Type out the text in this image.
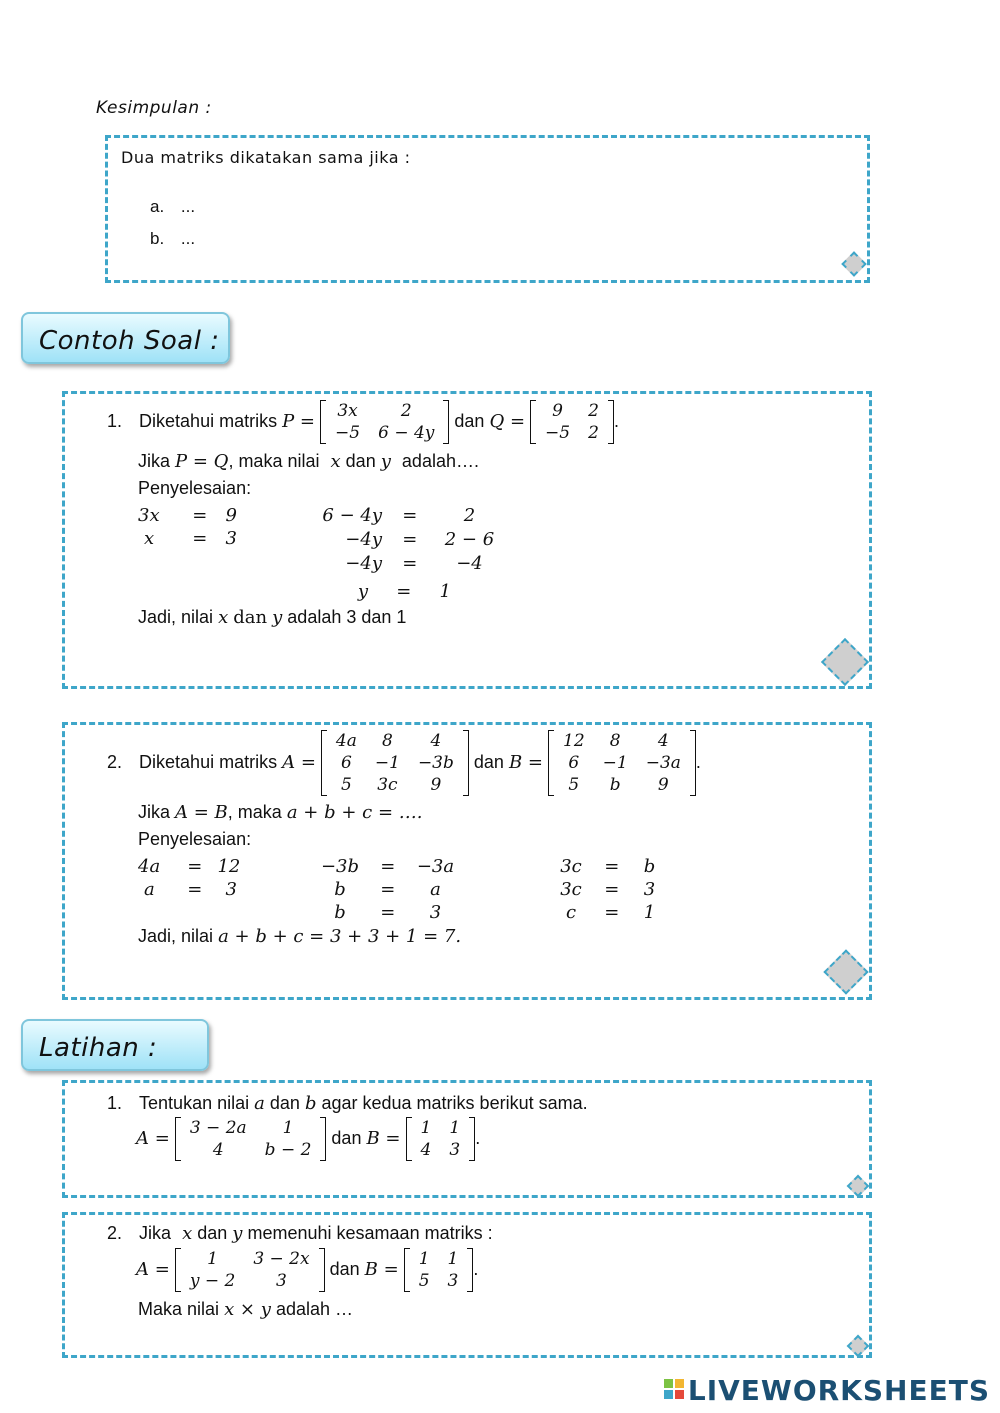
Kesimpulan :
Dua matriks dikatakan sama jika :
a. ...
b. ...
Contoh Soal :
1. Diketahui matriks P = 3x	2
−5	6 − 4y
dan Q = 9	2
−5	2
.
Jika P = Q, maka nilai x dan y adalah….
Penyelesaian:
3x = 9
x = 3
6 − 4y =	2
−4y = 2 − 6
−4y = −4
y = 1
Jadi, nilai x dan y adalah 3 dan 1
2. Diketahui matriks A =
4a	8	4
6	−1	−3b
5	3c	9
dan B =
12	8	4
6	−1	−3a
5	b	9
.
Jika A = B, maka a + b + c = ….
Penyelesaian:
4a = 12
a = 3
−3b = −3a
b = a
b = 3
3c = b
3c = 3
c = 1
Jadi, nilai a + b + c = 3 + 3 + 1 = 7.
Latihan :
1. Tentukan nilai a dan b agar kedua matriks berikut sama.
A = 3 − 2a	1
4	b − 2
dan B = 1	1
4	3
.
2. Jika x dan y memenuhi kesamaan matriks :
A = 1	3 − 2x
y − 2	3
dan B = 1	1
5	3
.
Maka nilai x × y adalah …
LIVEWORKSHEETS
